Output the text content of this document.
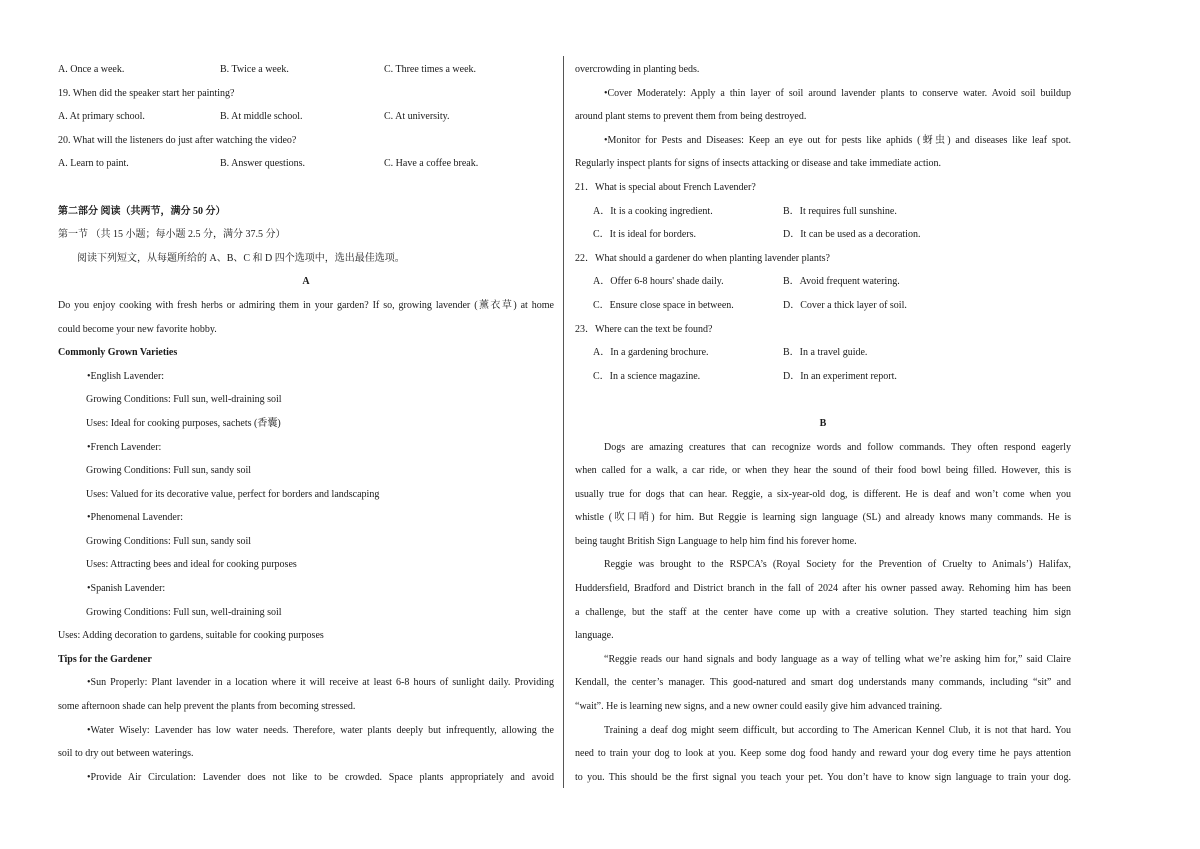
A. Once a week.	B. Twice a week.	C. Three times a week.
19. When did the speaker start her painting?
A. At primary school.	B. At middle school.	C. At university.
20. What will the listeners do just after watching the video?
A. Learn to paint.	B. Answer questions.	C. Have a coffee break.
第二部分 阅读（共两节，满分 50 分）
第一节 （共 15 小题；每小题 2.5 分，满分 37.5 分）
阅读下列短文，从每题所给的 A、B、C 和 D 四个选项中，选出最佳选项。
A
Do you enjoy cooking with fresh herbs or admiring them in your garden? If so, growing lavender (薰衣草) at home
could become your new favorite hobby.
Commonly Grown Varieties
•English Lavender:
Growing Conditions: Full sun, well-draining soil
Uses: Ideal for cooking purposes, sachets (香囊)
•French Lavender:
Growing Conditions: Full sun, sandy soil
Uses: Valued for its decorative value, perfect for borders and landscaping
•Phenomenal Lavender:
Growing Conditions: Full sun, sandy soil
Uses: Attracting bees and ideal for cooking purposes
•Spanish Lavender:
Growing Conditions: Full sun, well-draining soil
Uses: Adding decoration to gardens, suitable for cooking purposes
Tips for the Gardener
•Sun Properly: Plant lavender in a location where it will receive at least 6-8 hours of sunlight daily. Providing
some afternoon shade can help prevent the plants from becoming stressed.
•Water Wisely: Lavender has low water needs. Therefore, water plants deeply but infrequently, allowing the
soil to dry out between waterings.
•Provide Air Circulation: Lavender does not like to be crowded. Space plants appropriately and avoid
overcrowding in planting beds.
•Cover Moderately: Apply a thin layer of soil around lavender plants to conserve water. Avoid soil buildup
around plant stems to prevent them from being destroyed.
•Monitor for Pests and Diseases: Keep an eye out for pests like aphids (蚜虫) and diseases like leaf spot.
Regularly inspect plants for signs of insects attacking or disease and take immediate action.
21．What is special about French Lavender?
A．It is a cooking ingredient.	B．It requires full sunshine.
C．It is ideal for borders.	D．It can be used as a decoration.
22．What should a gardener do when planting lavender plants?
A．Offer 6-8 hours' shade daily.	B．Avoid frequent watering.
C．Ensure close space in between.	D．Cover a thick layer of soil.
23．Where can the text be found?
A．In a gardening brochure.	B．In a travel guide.
C．In a science magazine.	D．In an experiment report.
B
Dogs are amazing creatures that can recognize words and follow commands. They often respond eagerly
when called for a walk, a car ride, or when they hear the sound of their food bowl being filled. However, this is
usually true for dogs that can hear. Reggie, a six-year-old dog, is different. He is deaf and won’t come when you
whistle (吹口哨) for him. But Reggie is learning sign language (SL) and already knows many commands. He is
being taught British Sign Language to help him find his forever home.
Reggie was brought to the RSPCA’s (Royal Society for the Prevention of Cruelty to Animals’) Halifax,
Huddersfield, Bradford and District branch in the fall of 2024 after his owner passed away. Rehoming him has been
a challenge, but the staff at the center have come up with a creative solution. They started teaching him sign
language.
“Reggie reads our hand signals and body language as a way of telling what we’re asking him for,” said Claire
Kendall, the center’s manager. This good-natured and smart dog understands many commands, including “sit” and
“wait”. He is learning new signs, and a new owner could easily give him advanced training.
Training a deaf dog might seem difficult, but according to The American Kennel Club, it is not that hard. You
need to train your dog to look at you. Keep some dog food handy and reward your dog every time he pays attention
to you. This should be the first signal you teach your pet. You don’t have to know sign language to train your dog.
